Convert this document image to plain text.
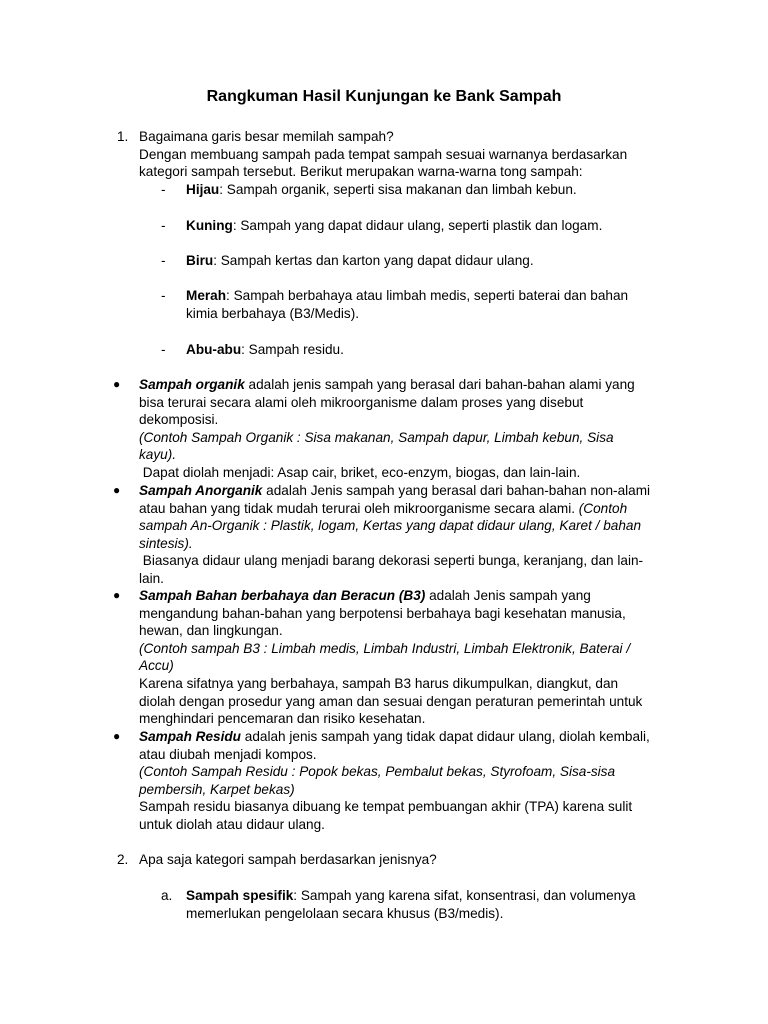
Rangkuman Hasil Kunjungan ke Bank Sampah
1. Bagaimana garis besar memilah sampah?
Dengan membuang sampah pada tempat sampah sesuai warnanya berdasarkan
kategori sampah tersebut. Berikut merupakan warna-warna tong sampah:
- Hijau: Sampah organik, seperti sisa makanan dan limbah kebun.
- Kuning: Sampah yang dapat didaur ulang, seperti plastik dan logam.
- Biru: Sampah kertas dan karton yang dapat didaur ulang.
- Merah: Sampah berbahaya atau limbah medis, seperti baterai dan bahan
kimia berbahaya (B3/Medis).
- Abu-abu: Sampah residu.
● Sampah organik adalah jenis sampah yang berasal dari bahan-bahan alami yang
bisa terurai secara alami oleh mikroorganisme dalam proses yang disebut
dekomposisi.
(Contoh Sampah Organik : Sisa makanan, Sampah dapur, Limbah kebun, Sisa
kayu).
Dapat diolah menjadi: Asap cair, briket, eco-enzym, biogas, dan lain-lain.
● Sampah Anorganik adalah Jenis sampah yang berasal dari bahan-bahan non-alami
atau bahan yang tidak mudah terurai oleh mikroorganisme secara alami. (Contoh
sampah An-Organik : Plastik, logam, Kertas yang dapat didaur ulang, Karet / bahan
sintesis).
Biasanya didaur ulang menjadi barang dekorasi seperti bunga, keranjang, dan lain-
lain.
● Sampah Bahan berbahaya dan Beracun (B3) adalah Jenis sampah yang
mengandung bahan-bahan yang berpotensi berbahaya bagi kesehatan manusia,
hewan, dan lingkungan.
(Contoh sampah B3 : Limbah medis, Limbah Industri, Limbah Elektronik, Baterai /
Accu)
Karena sifatnya yang berbahaya, sampah B3 harus dikumpulkan, diangkut, dan
diolah dengan prosedur yang aman dan sesuai dengan peraturan pemerintah untuk
menghindari pencemaran dan risiko kesehatan.
● Sampah Residu adalah jenis sampah yang tidak dapat didaur ulang, diolah kembali,
atau diubah menjadi kompos.
(Contoh Sampah Residu : Popok bekas, Pembalut bekas, Styrofoam, Sisa-sisa
pembersih, Karpet bekas)
Sampah residu biasanya dibuang ke tempat pembuangan akhir (TPA) karena sulit
untuk diolah atau didaur ulang.
2. Apa saja kategori sampah berdasarkan jenisnya?
a. Sampah spesifik: Sampah yang karena sifat, konsentrasi, dan volumenya
memerlukan pengelolaan secara khusus (B3/medis).
